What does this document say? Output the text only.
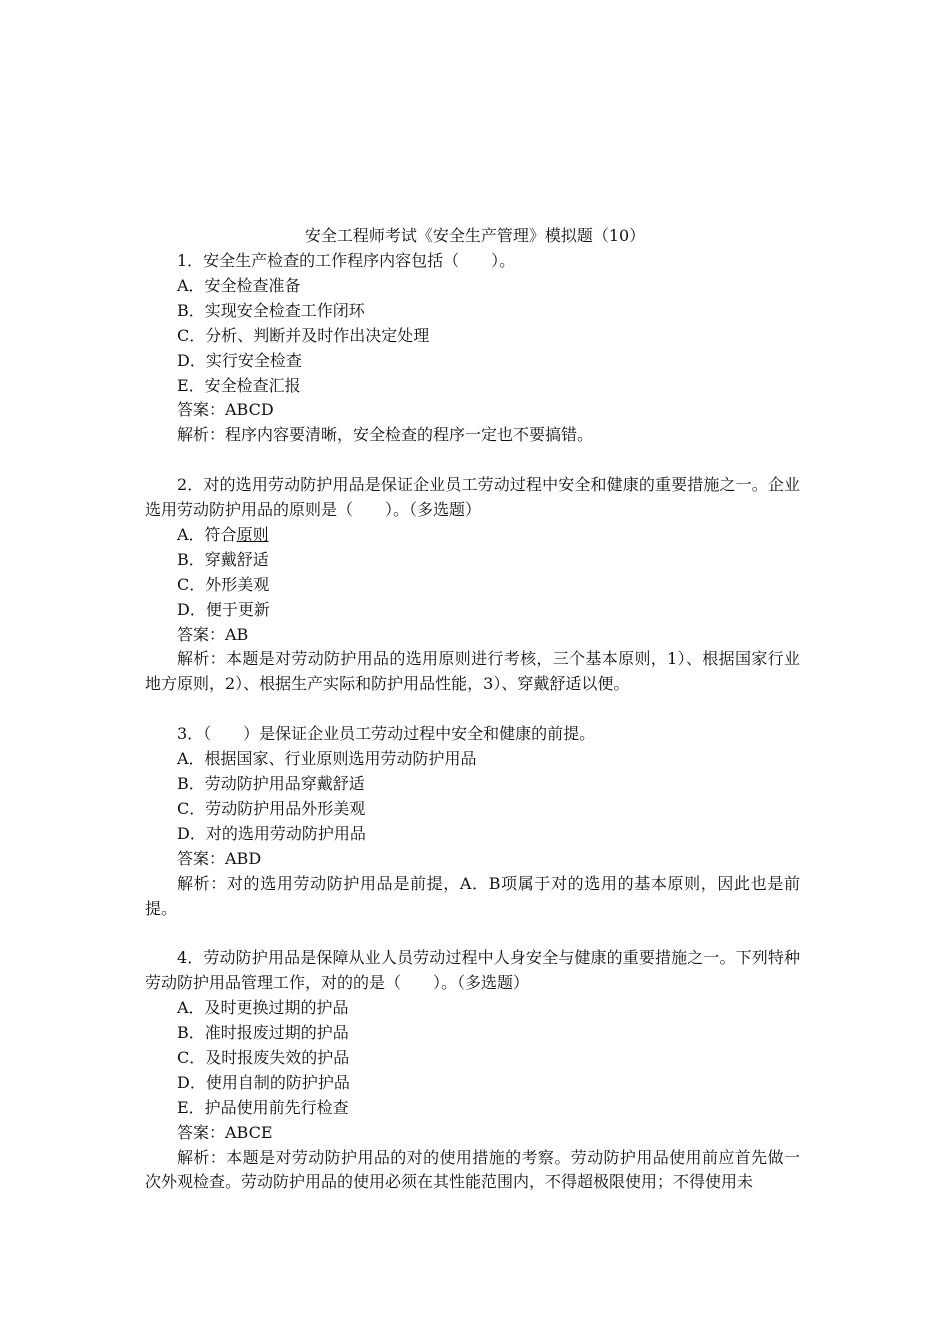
安全工程师考试《安全生产管理》模拟题（10）
1．安全生产检查的工作程序内容包括（　　）。
A．安全检查准备
B．实现安全检查工作闭环
C．分析、判断并及时作出决定处理
D．实行安全检查
E．安全检查汇报
答案：ABCD
解析：程序内容要清晰，安全检查的程序一定也不要搞错。
2．对的选用劳动防护用品是保证企业员工劳动过程中安全和健康的重要措施之一。企业选用劳动防护用品的原则是（　　）。（多选题）
A．符合原则
B．穿戴舒适
C．外形美观
D．便于更新
答案：AB
解析：本题是对劳动防护用品的选用原则进行考核，三个基本原则，1）、根据国家行业地方原则，2）、根据生产实际和防护用品性能，3）、穿戴舒适以便。
3．（　　）是保证企业员工劳动过程中安全和健康的前提。
A．根据国家、行业原则选用劳动防护用品
B．劳动防护用品穿戴舒适
C．劳动防护用品外形美观
D．对的选用劳动防护用品
答案：ABD
解析：对的选用劳动防护用品是前提，A．B项属于对的选用的基本原则，因此也是前提。
4．劳动防护用品是保障从业人员劳动过程中人身安全与健康的重要措施之一。下列特种劳动防护用品管理工作，对的的是（　　）。（多选题）
A．及时更换过期的护品
B．准时报废过期的护品
C．及时报废失效的护品
D．使用自制的防护护品
E．护品使用前先行检查
答案：ABCE
解析：本题是对劳动防护用品的对的使用措施的考察。劳动防护用品使用前应首先做一次外观检查。劳动防护用品的使用必须在其性能范围内，不得超极限使用；不得使用未
